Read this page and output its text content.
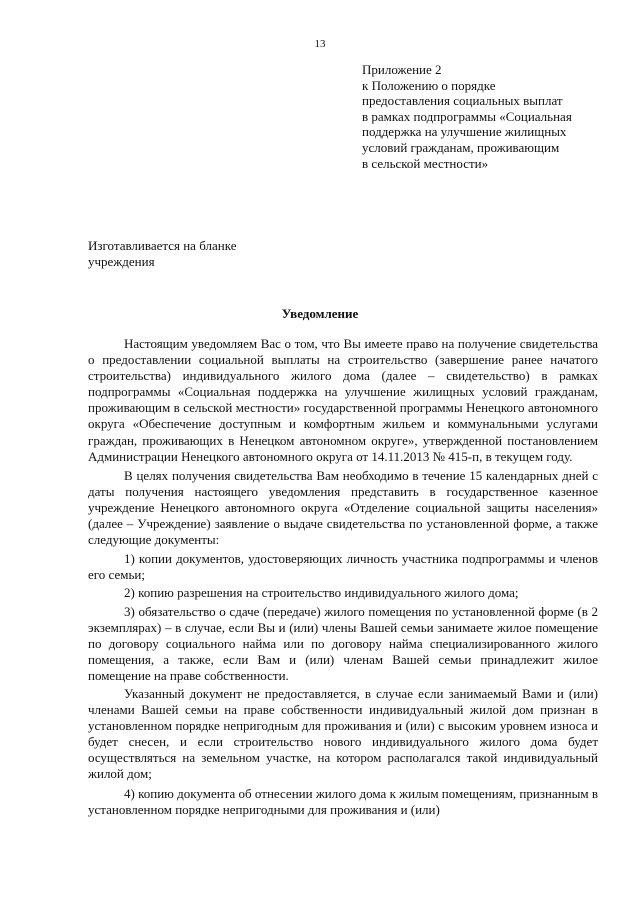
13
Приложение 2
к Положению о порядке
предоставления социальных выплат
в рамках подпрограммы «Социальная
поддержка на улучшение жилищных
условий гражданам, проживающим
в сельской местности»
Изготавливается на бланке
учреждения
Уведомление

Настоящим уведомляем Вас о том, что Вы имеете право на получение свидетельства о предоставлении социальной выплаты на строительство (завершение ранее начатого строительства) индивидуального жилого дома (далее – свидетельство) в рамках подпрограммы «Социальная поддержка на улучшение жилищных условий гражданам, проживающим в сельской местности» государственной программы Ненецкого автономного округа «Обеспечение доступным и комфортным жильем и коммунальными услугами граждан, проживающих в Ненецком автономном округе», утвержденной постановлением Администрации Ненецкого автономного округа от 14.11.2013 № 415-п, в текущем году.

В целях получения свидетельства Вам необходимо в течение 15 календарных дней с даты получения настоящего уведомления представить в государственное казенное учреждение Ненецкого автономного округа «Отделение социальной защиты населения» (далее – Учреждение) заявление о выдаче свидетельства по установленной форме, а также следующие документы:

1) копии документов, удостоверяющих личность участника подпрограммы и членов его семьи;

2) копию разрешения на строительство индивидуального жилого дома;

3) обязательство о сдаче (передаче) жилого помещения по установленной форме (в 2 экземплярах) – в случае, если Вы и (или) члены Вашей семьи занимаете жилое помещение по договору социального найма или по договору найма специализированного жилого помещения, а также, если Вам и (или) членам Вашей семьи принадлежит жилое помещение на праве собственности.

Указанный документ не предоставляется, в случае если занимаемый Вами и (или) членами Вашей семьи на праве собственности индивидуальный жилой дом признан в установленном порядке непригодным для проживания и (или) с высоким уровнем износа и будет снесен, и если строительство нового индивидуального жилого дома будет осуществляться на земельном участке, на котором располагался такой индивидуальный жилой дом;

4) копию документа об отнесении жилого дома к жилым помещениям, признанным в установленном порядке непригодными для проживания и (или)
